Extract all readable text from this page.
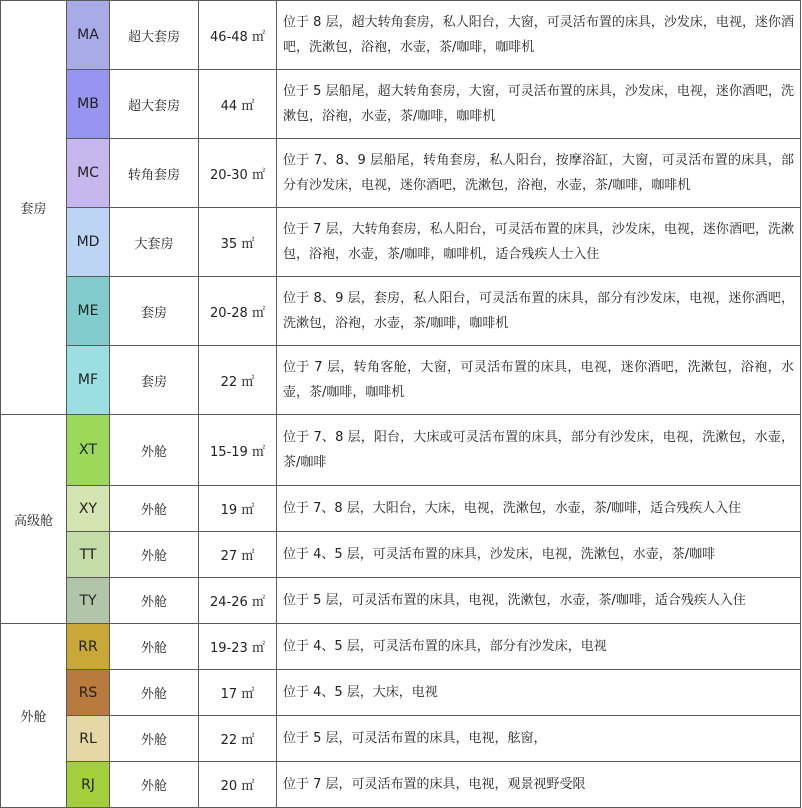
套房	MA	超大套房	46-48 ㎡	位于 8 层，超大转角套房，私人阳台，大窗，可灵活布置的床具，沙发床，电视，迷你酒吧，洗漱包，浴袍，水壶，茶/咖啡，咖啡机
	MB	超大套房	44 ㎡	位于 5 层船尾，超大转角套房，大窗，可灵活布置的床具，沙发床，电视，迷你酒吧，洗漱包，浴袍，水壶，茶/咖啡，咖啡机
	MC	转角套房	20-30 ㎡	位于 7、8、9 层船尾，转角套房，私人阳台，按摩浴缸，大窗，可灵活布置的床具，部分有沙发床，电视，迷你酒吧，洗漱包，浴袍，水壶，茶/咖啡，咖啡机
	MD	大套房	35 ㎡	位于 7 层，大转角套房，私人阳台，可灵活布置的床具，沙发床，电视，迷你酒吧，洗漱包，浴袍，水壶，茶/咖啡，咖啡机，适合残疾人士入住
	ME	套房	20-28 ㎡	位于 8、9 层，套房，私人阳台，可灵活布置的床具，部分有沙发床，电视，迷你酒吧，洗漱包，浴袍，水壶，茶/咖啡，咖啡机
	MF	套房	22 ㎡	位于 7 层，转角客舱，大窗，可灵活布置的床具，电视，迷你酒吧，洗漱包，浴袍，水壶，茶/咖啡，咖啡机
高级舱	XT	外舱	15-19 ㎡	位于 7、8 层，阳台，大床或可灵活布置的床具，部分有沙发床，电视，洗漱包，水壶，茶/咖啡
	XY	外舱	19 ㎡	位于 7、8 层，大阳台，大床，电视，洗漱包，水壶，茶/咖啡，适合残疾人入住
	TT	外舱	27 ㎡	位于 4、5 层，可灵活布置的床具，沙发床，电视，洗漱包，水壶，茶/咖啡
	TY	外舱	24-26 ㎡	位于 5 层，可灵活布置的床具，电视，洗漱包，水壶，茶/咖啡，适合残疾人入住
外舱	RR	外舱	19-23 ㎡	位于 4、5 层，可灵活布置的床具，部分有沙发床，电视
	RS	外舱	17 ㎡	位于 4、5 层，大床，电视
	RL	外舱	22 ㎡	位于 5 层，可灵活布置的床具，电视，舷窗，
	RJ	外舱	20 ㎡	位于 7 层，可灵活布置的床具，电视，观景视野受限
